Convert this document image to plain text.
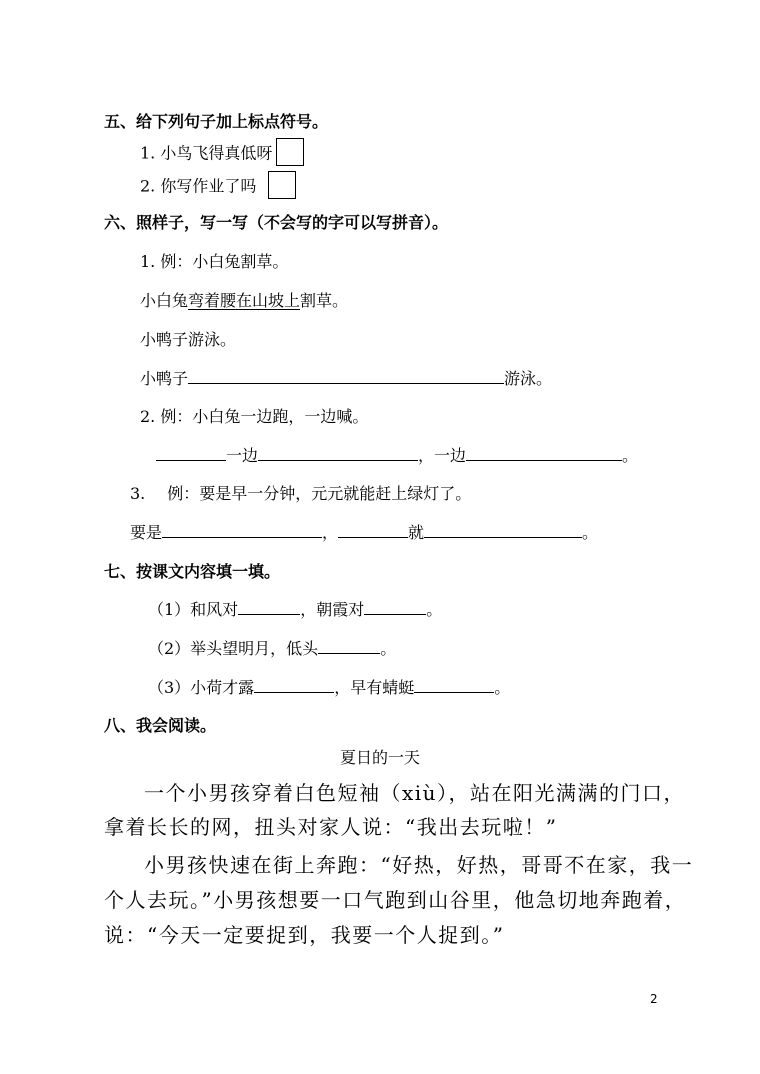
五、给下列句子加上标点符号。
1. 小鸟飞得真低呀
2. 你写作业了吗
六、照样子，写一写（不会写的字可以写拼音）。
1. 例：小白兔割草。
小白兔弯着腰在山坡上割草。
小鸭子游泳。
小鸭子	游泳。
2. 例：小白兔一边跑，一边喊。
一边	，一边	。
3. 例：要是早一分钟，元元就能赶上绿灯了。
要是	，	就	。
七、按课文内容填一填。
（1）和风对	，朝霞对	。
（2）举头望明月，低头	。
（3）小荷才露	，早有蜻蜓	。
八、我会阅读。
夏日的一天
一个小男孩穿着白色短袖（xiù），站在阳光满满的门口，
拿着长长的网，扭头对家人说：“我出去玩啦！”
小男孩快速在街上奔跑：“好热，好热，哥哥不在家，我一
个人去玩。”小男孩想要一口气跑到山谷里，他急切地奔跑着，
说：“今天一定要捉到，我要一个人捉到。”
2
